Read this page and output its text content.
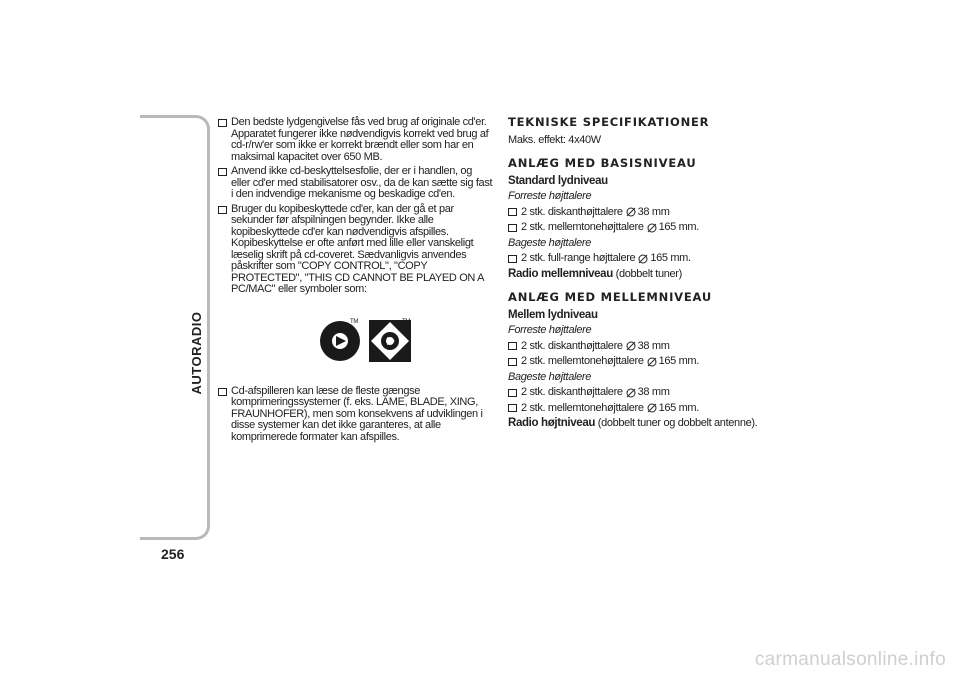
AUTORADIO
256
Den bedste lydgengivelse fås ved brug af originale cd'er. Apparatet fungerer ikke nødvendigvis korrekt ved brug af cd-r/rw'er som ikke er korrekt brændt eller som har en maksimal kapacitet over 650 MB.
Anvend ikke cd-beskyttelsesfolie, der er i handlen, og eller cd'er med stabilisatorer osv., da de kan sætte sig fast i den indvendige mekanisme og beskadige cd'en.
Bruger du kopibeskyttede cd'er, kan der gå et par sekunder før afspilningen begynder. Ikke alle kopibeskyttede cd'er kan nødvendigvis afspilles. Kopibeskyttelse er ofte anført med lille eller vanskeligt læselig skrift på cd-coveret. Sædvanligvis anvendes påskrifter som "COPY CONTROL", "COPY PROTECTED", "THIS CD CANNOT BE PLAYED ON A PC/MAC" eller symboler som:
TM	TM
Cd-afspilleren kan læse de fleste gængse komprimeringssystemer (f. eks. LAME, BLADE, XING, FRAUNHOFER), men som konsekvens af udviklingen i disse systemer kan det ikke garanteres, at alle komprimerede formater kan afspilles.
TEKNISKE SPECIFIKATIONER
Maks. effekt: 4x40W
ANLÆG MED BASISNIVEAU
Standard lydniveau
Forreste højttalere
2 stk. diskanthøjttalere 38 mm
2 stk. mellemtonehøjttalere 165 mm.
Bageste højttalere
2 stk. full-range højttalere 165 mm.
Radio mellemniveau (dobbelt tuner)
ANLÆG MED MELLEMNIVEAU
Mellem lydniveau
Forreste højttalere
2 stk. diskanthøjttalere 38 mm
2 stk. mellemtonehøjttalere 165 mm.
Bageste højttalere
2 stk. diskanthøjttalere 38 mm
2 stk. mellemtonehøjttalere 165 mm.
Radio højtniveau (dobbelt tuner og dobbelt antenne).
carmanualsonline.info
